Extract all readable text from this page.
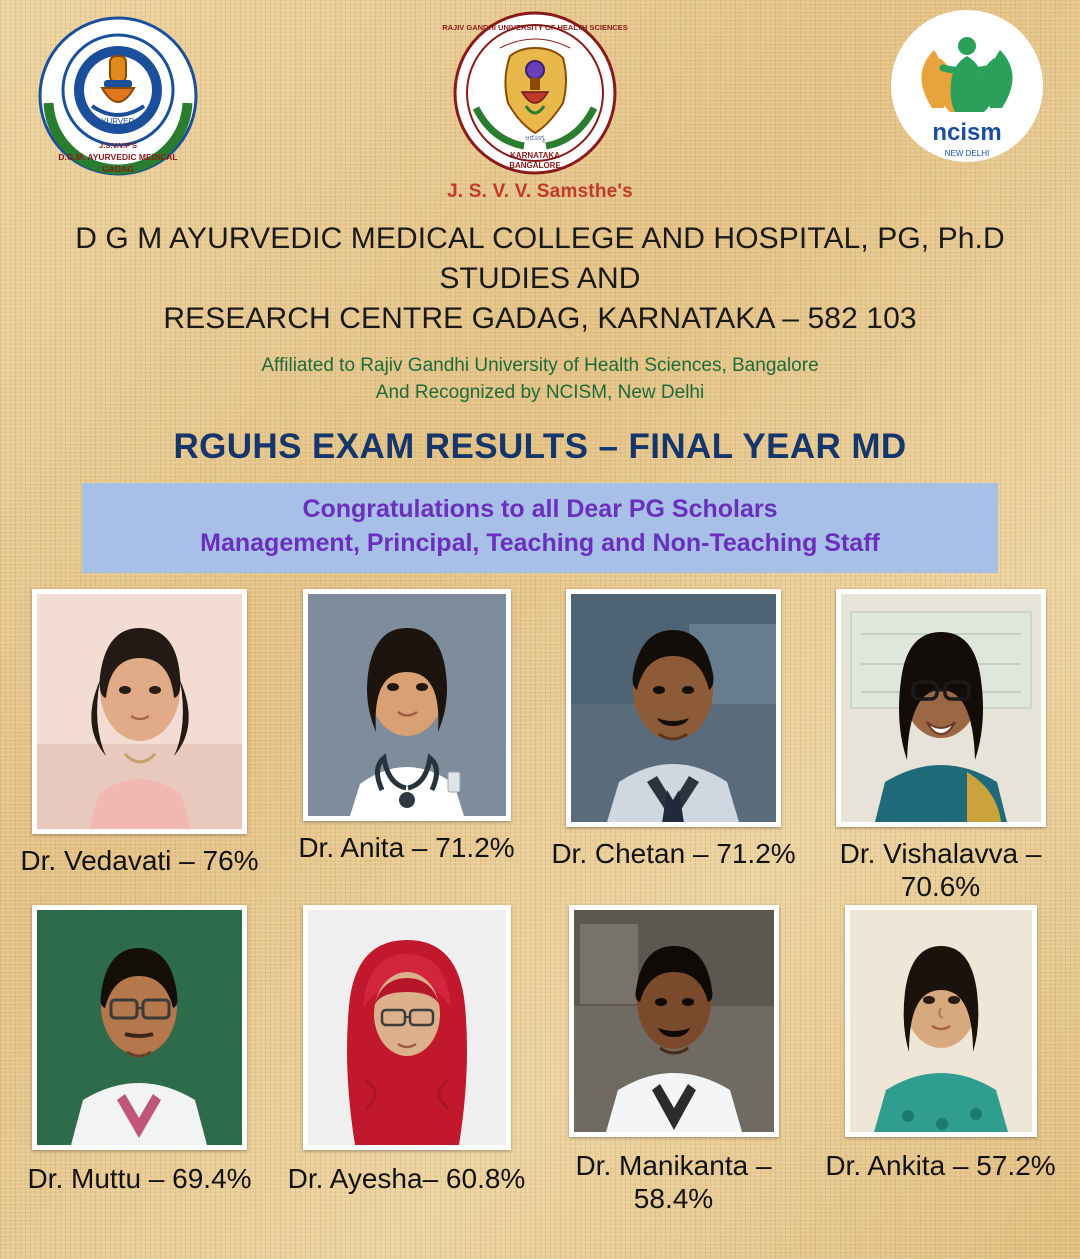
AYURVEDA
J.S.V.V.P'S
D.G.M. AYURVEDIC MEDICAL
GADAG
RAJIV GANDHI UNIVERSITY OF HEALTH SCIENCES
ಆರೋಗ್ಯ
KARNATAKA
BANGALORE
ncism
NEW DELHI
J. S. V. V. Samsthe's
D G M AYURVEDIC MEDICAL COLLEGE AND HOSPITAL, PG, Ph.D STUDIES AND
RESEARCH CENTRE GADAG, KARNATAKA – 582 103
Affiliated to Rajiv Gandhi University of Health Sciences, Bangalore
And Recognized by NCISM, New Delhi
RGUHS EXAM RESULTS – FINAL YEAR MD
Congratulations to all Dear PG Scholars
Management, Principal, Teaching and Non-Teaching Staff
Dr. Vedavati – 76% Dr. Anita – 71.2% Dr. Chetan – 71.2%	Dr. Vishalavva – 70.6%
Dr. Muttu – 69.4% Dr. Ayesha– 60.8%	Dr. Manikanta – 58.4%
Dr. Ankita – 57.2%
